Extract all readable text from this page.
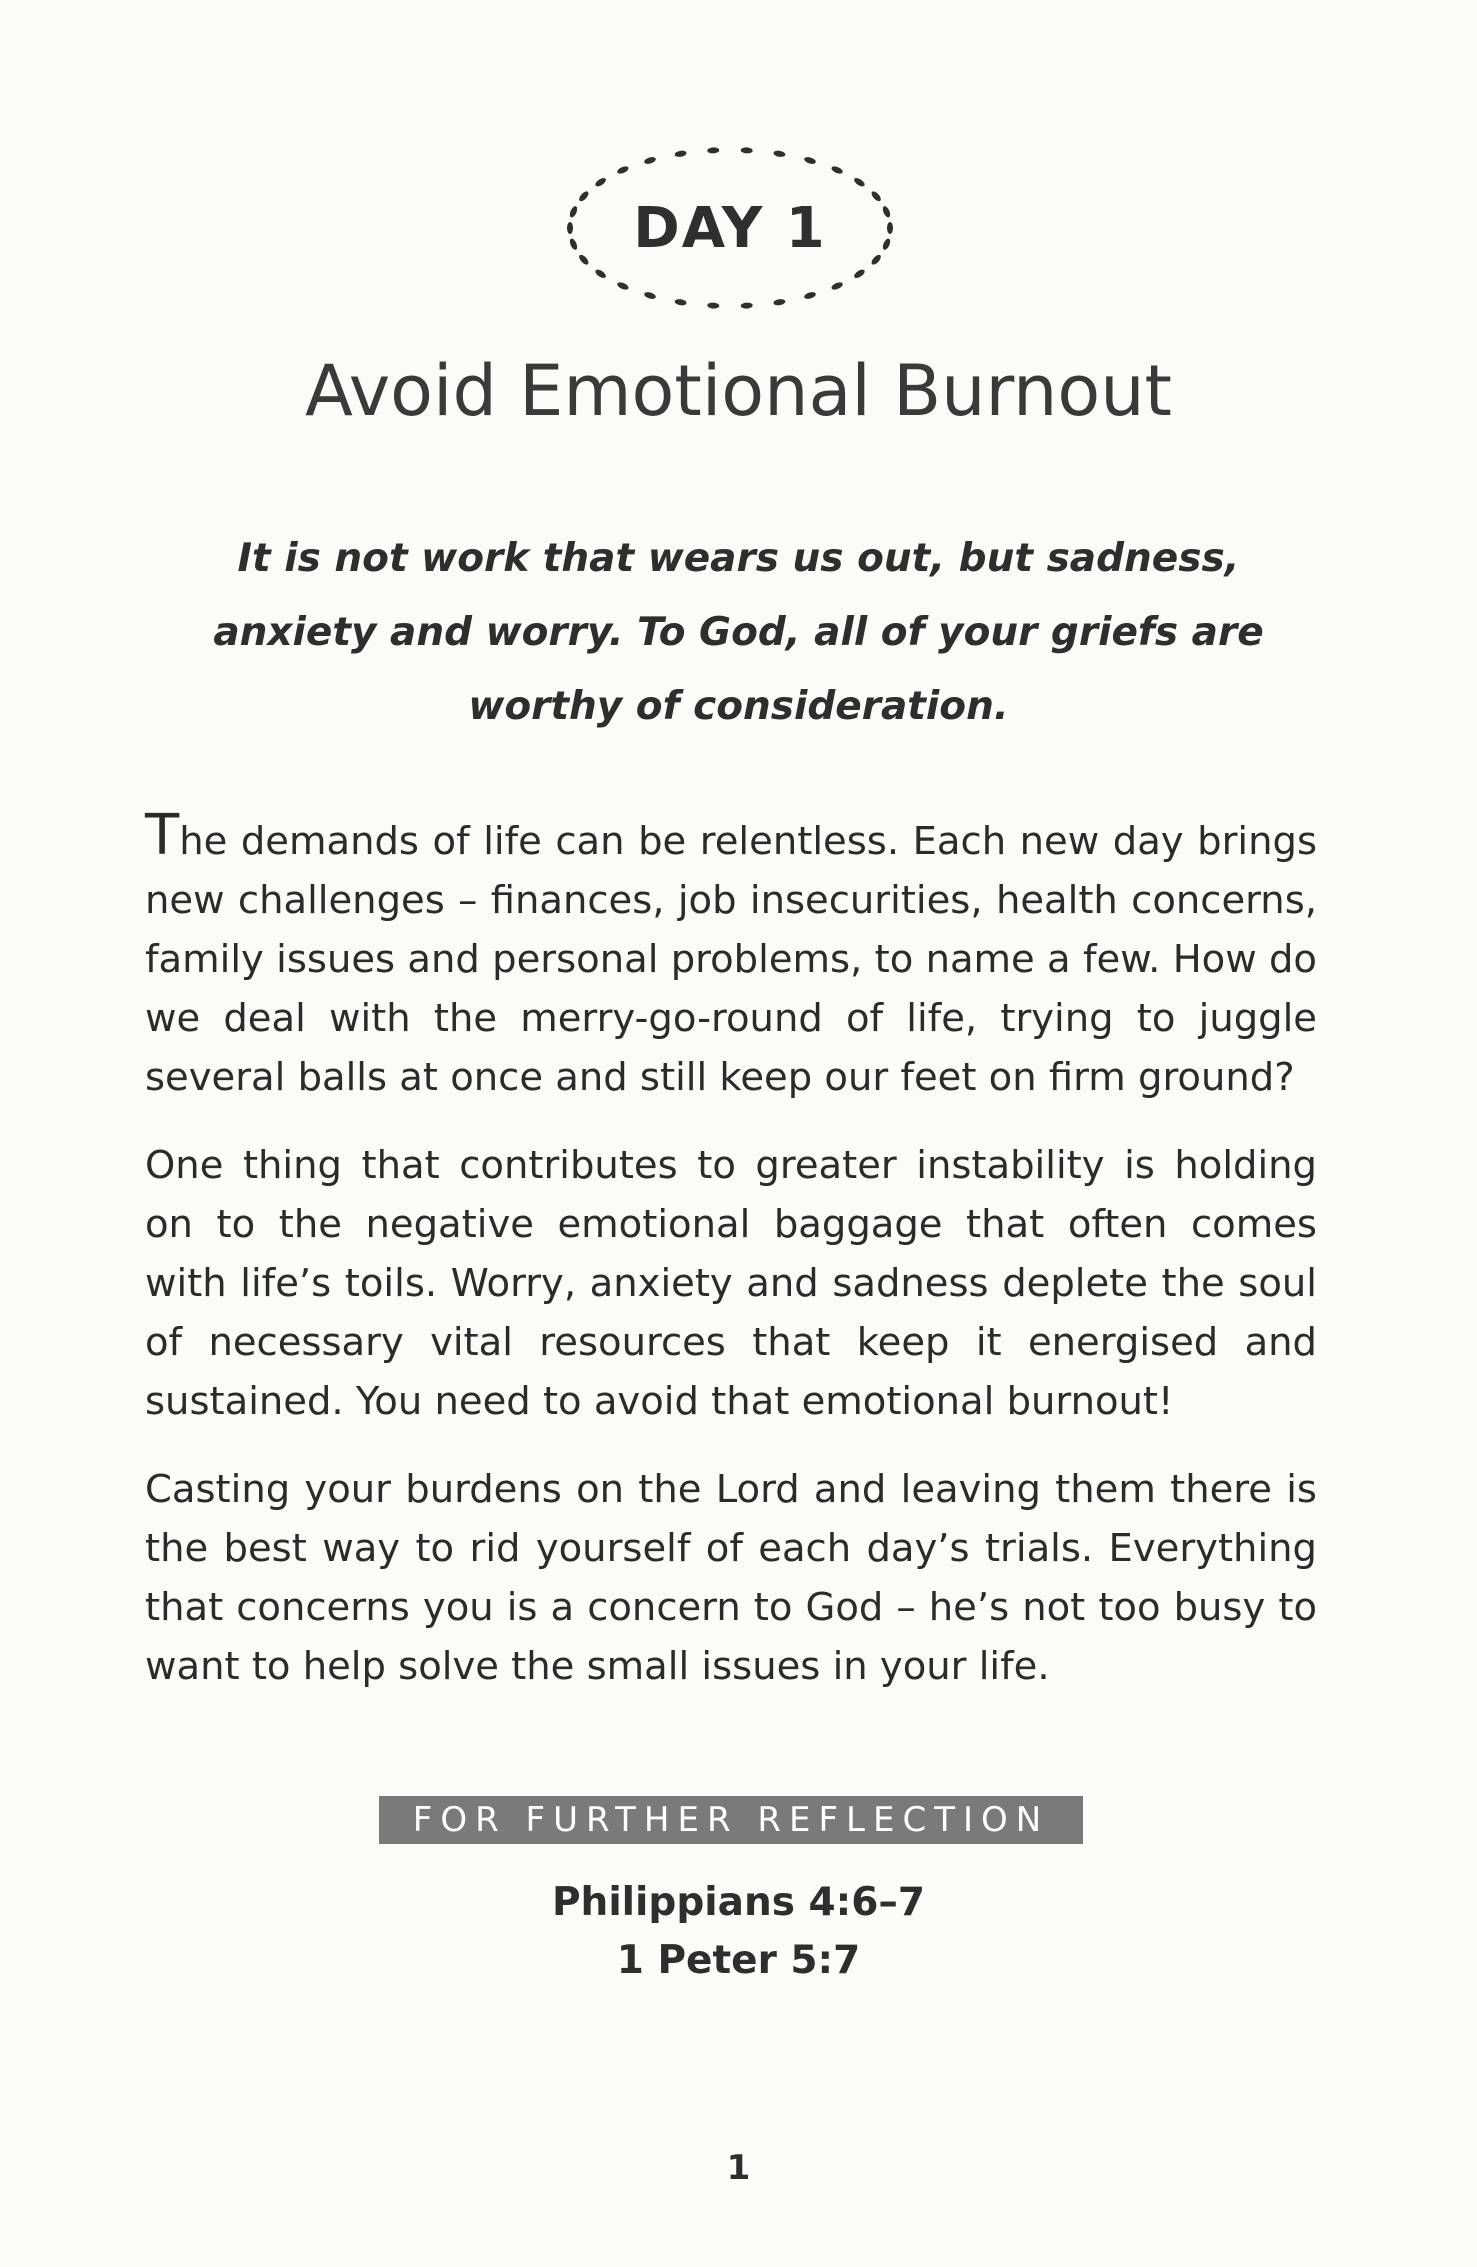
DAY 1
Avoid Emotional Burnout
It is not work that wears us out, but sadness,
anxiety and worry. To God, all of your griefs are
worthy of consideration.

The demands of life can be relentless. Each new day brings new challenges – finances, job insecurities, health concerns, family issues and personal problems, to name a few. How do we deal with the merry-go-round of life, trying to juggle several balls at once and still keep our feet on firm ground?

One thing that contributes to greater instability is holding on to the negative emotional baggage that often comes with life’s toils. Worry, anxiety and sadness deplete the soul of necessary vital resources that keep it energised and sustained. You need to avoid that emotional burnout!

Casting your burdens on the Lord and leaving them there is the best way to rid yourself of each day’s trials. Everything that concerns you is a concern to God – he’s not too busy to want to help solve the small issues in your life.

FOR FURTHER REFLECTION
Philippians 4:6–7
1 Peter 5:7
1
